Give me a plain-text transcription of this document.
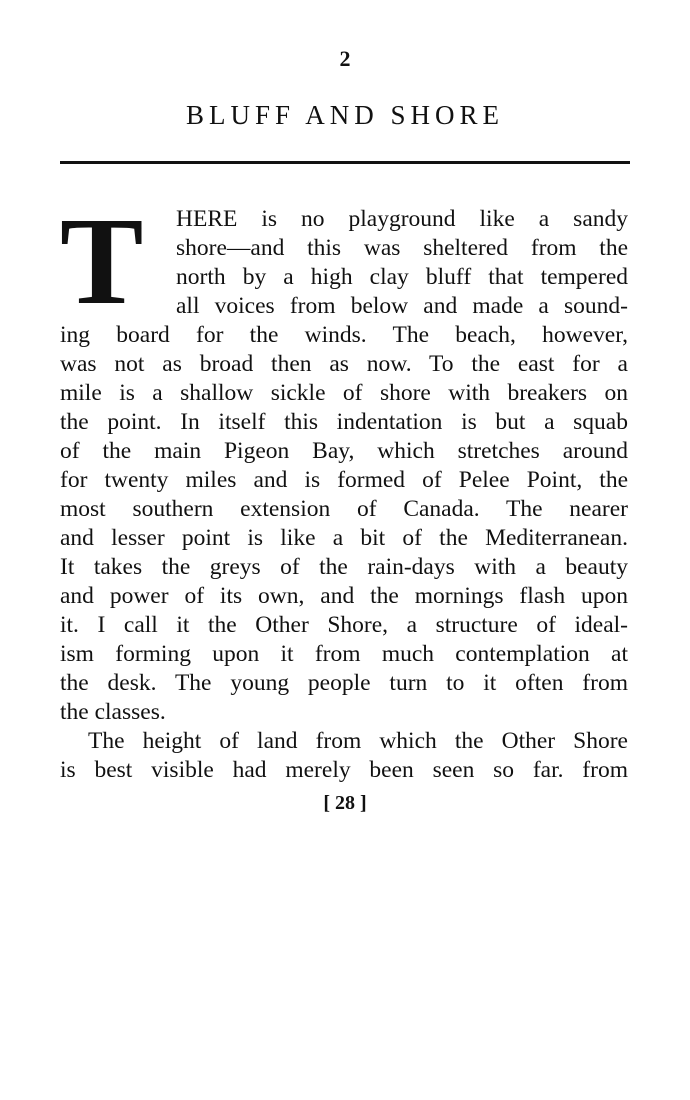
2
BLUFF AND SHORE
T HERE is no playground like a sandy
shore—and this was sheltered from the
north by a high clay bluff that tempered
all voices from below and made a sound-
ing board for the winds. The beach, however,
was not as broad then as now. To the east for a
mile is a shallow sickle of shore with breakers on
the point. In itself this indentation is but a squab
of the main Pigeon Bay, which stretches around
for twenty miles and is formed of Pelee Point, the
most southern extension of Canada. The nearer
and lesser point is like a bit of the Mediterranean.
It takes the greys of the rain-days with a beauty
and power of its own, and the mornings flash upon
it. I call it the Other Shore, a structure of ideal-
ism forming upon it from much contemplation at
the desk. The young people turn to it often from
the classes.
The height of land from which the Other Shore
is best visible had merely been seen so far. from
[ 28 ]
